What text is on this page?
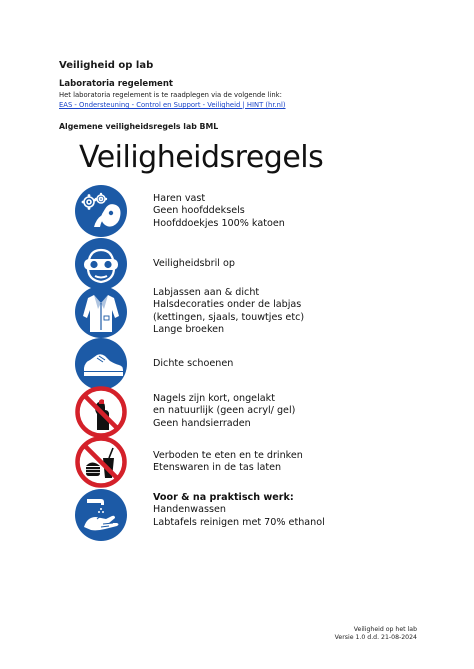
Veiligheid op lab
Laboratoria regelement
Het laboratoria regelement is te raadplegen via de volgende link:
EAS - Ondersteuning - Control en Support - Veiligheid | HINT (hr.nl)
Algemene veiligheidsregels lab BML
Veiligheidsregels
Haren vast
Geen hoofddeksels
Hoofddoekjes 100% katoen
Veiligheidsbril op
Labjassen aan & dicht
Halsdecoraties onder de labjas
(kettingen, sjaals, touwtjes etc)
Lange broeken
Dichte schoenen
Nagels zijn kort, ongelakt
en natuurlijk (geen acryl/ gel)
Geen handsierraden
Verboden te eten en te drinken
Etenswaren in de tas laten
Voor & na praktisch werk:
Handenwassen
Labtafels reinigen met 70% ethanol
Veiligheid op het lab
Versie 1.0 d.d. 21-08-2024
